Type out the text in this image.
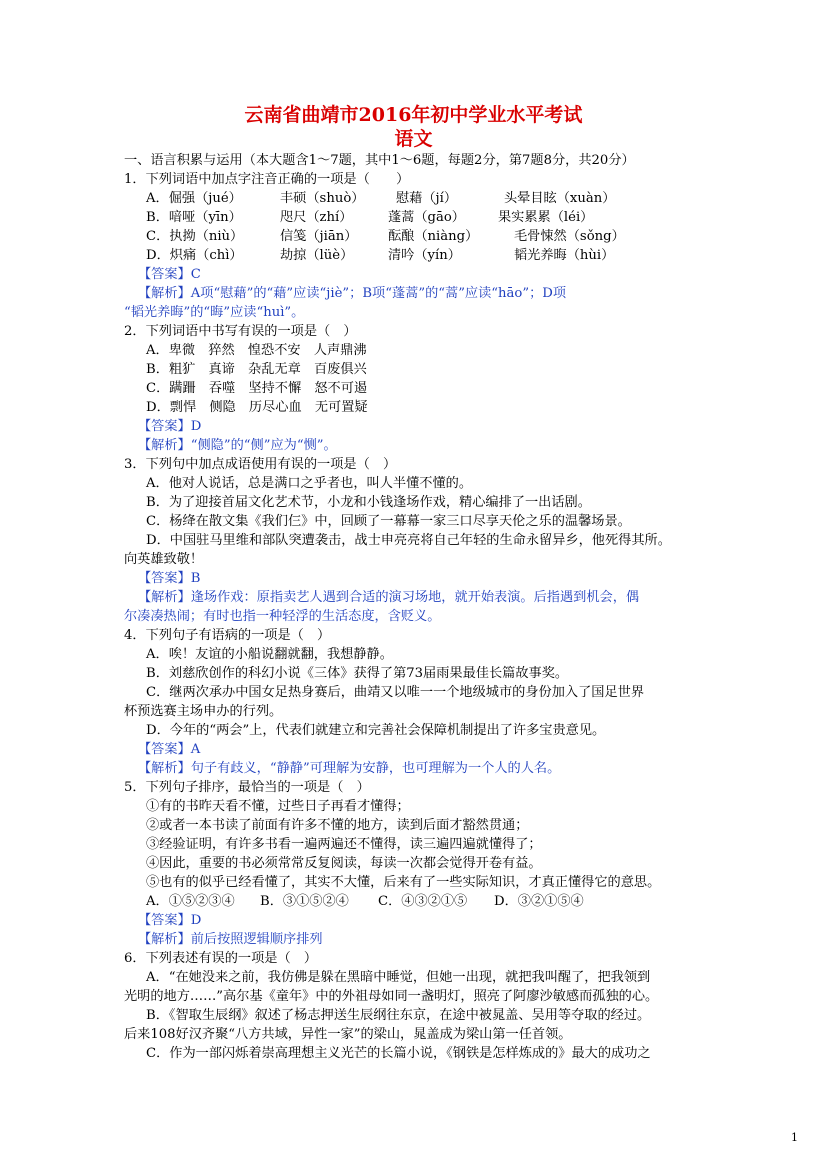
云南省曲靖市2016年初中学业水平考试
语文
一、语言积累与运用（本大题含1～7题，其中1～6题，每题2分，第7题8分，共20分）
1．下列词语中加点字注音正确的一项是（　　）
A．倔强（jué）	丰硕（shuò） 慰藉（jí）	头晕目眩（xuàn）
B．喑哑（yīn）	咫尺（zhí）	蓬蒿（gāo）	果实累累（léi）
C．执拗（niù）	信笺（jiān） 酝酿（niàng）	毛骨悚然（sǒng）
D．炽痛（chì）	劫掠（lüè）	清吟（yín）	韬光养晦（hùi）
【答案】C
【解析】A项“慰藉”的“藉”应读“jiè”；B项“蓬蒿”的“蒿”应读“hāo”；D项
“韬光养晦”的“晦”应读“huì”。
2．下列词语中书写有误的一项是（　）
A．卑微　猝然　惶恐不安　人声鼎沸
B．粗犷　真谛　杂乱无章　百废俱兴
C．蹒跚　吞噬　坚持不懈　怒不可遏
D．剽悍　侧隐　历尽心血　无可置疑
【答案】D
【解析】“侧隐”的“侧”应为“恻”。
3．下列句中加点成语使用有误的一项是（　）
A．他对人说话，总是满口之乎者也，叫人半懂不懂的。
B．为了迎接首届文化艺术节，小龙和小钱逢场作戏，精心编排了一出话剧。
C．杨绛在散文集《我们仨》中，回顾了一幕幕一家三口尽享天伦之乐的温馨场景。
D．中国驻马里维和部队突遭袭击，战士申亮亮将自己年轻的生命永留异乡，他死得其所。
向英雄致敬！
【答案】B
【解析】逢场作戏：原指卖艺人遇到合适的演习场地，就开始表演。后指遇到机会，偶
尔凑凑热闹；有时也指一种轻浮的生活态度，含贬义。
4．下列句子有语病的一项是（　）
A．唉！友谊的小船说翻就翻，我想静静。
B．刘慈欣创作的科幻小说《三体》获得了第73届雨果最佳长篇故事奖。
C．继两次承办中国女足热身赛后，曲靖又以唯一一个地级城市的身份加入了国足世界
杯预选赛主场申办的行列。
D．今年的“两会”上，代表们就建立和完善社会保障机制提出了许多宝贵意见。
【答案】A
【解析】句子有歧义，“静静”可理解为安静，也可理解为一个人的人名。
5．下列句子排序，最恰当的一项是（　）
①有的书昨天看不懂，过些日子再看才懂得；
②或者一本书读了前面有许多不懂的地方，读到后面才豁然贯通；
③经验证明，有许多书看一遍两遍还不懂得，读三遍四遍就懂得了；
④因此，重要的书必须常常反复阅读，每读一次都会觉得开卷有益。
⑤也有的似乎已经看懂了，其实不大懂，后来有了一些实际知识，才真正懂得它的意思。
A．①⑤②③④ B．③①⑤②④ C．④③②①⑤ D．③②①⑤④
【答案】D
【解析】前后按照逻辑顺序排列
6．下列表述有误的一项是（　）
A．“在她没来之前，我仿佛是躲在黑暗中睡觉，但她一出现，就把我叫醒了，把我领到
光明的地方……”高尔基《童年》中的外祖母如同一盏明灯，照亮了阿廖沙敏感而孤独的心。
B．《智取生辰纲》叙述了杨志押送生辰纲往东京，在途中被晁盖、吴用等夺取的经过。
后来108好汉齐聚“八方共域，异性一家”的梁山，晁盖成为梁山第一任首领。
C．作为一部闪烁着崇高理想主义光芒的长篇小说，《钢铁是怎样炼成的》最大的成功之
1
